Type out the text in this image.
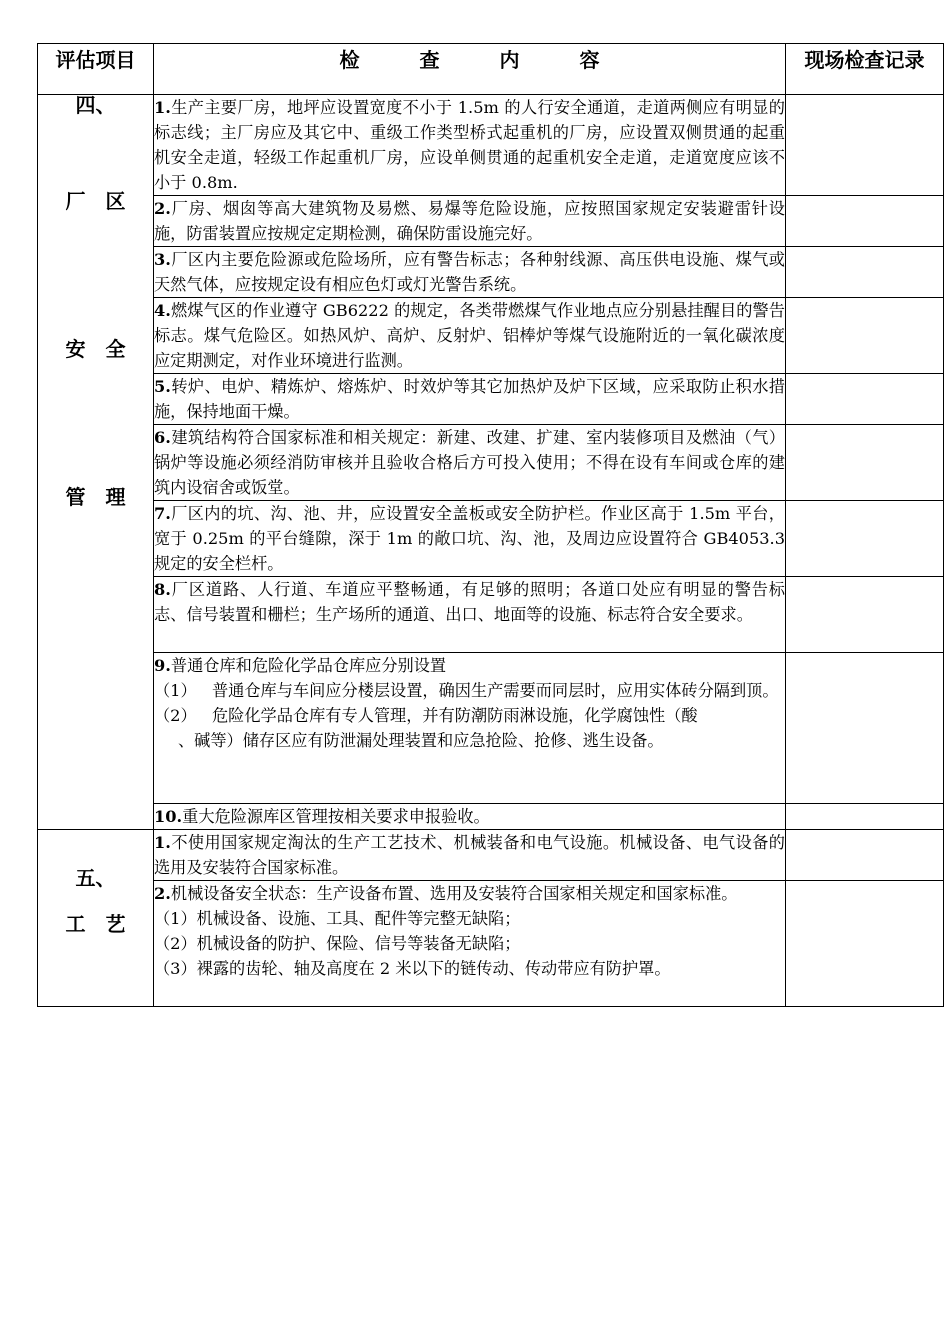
评估项目	检　　　查　　　内　　　容	现场检查记录

四、
厂　区
安　全
管　理	1.生产主要厂房，地坪应设置宽度不小于 1.5m 的人行安全通道，走道两侧应有明显的标志线；主厂房应及其它中、重级工作类型桥式起重机的厂房，应设置双侧贯通的起重机安全走道，轻级工作起重机厂房，应设单侧贯通的起重机安全走道，走道宽度应该不小于 0.8m.	
	2.厂房、烟囱等高大建筑物及易燃、易爆等危险设施，应按照国家规定安装避雷针设施，防雷装置应按规定定期检测，确保防雷设施完好。	
	3.厂区内主要危险源或危险场所，应有警告标志；各种射线源、高压供电设施、煤气或天然气体，应按规定设有相应色灯或灯光警告系统。	
	4.燃煤气区的作业遵守 GB6222 的规定，各类带燃煤气作业地点应分别悬挂醒目的警告标志。煤气危险区。如热风炉、高炉、反射炉、铝棒炉等煤气设施附近的一氧化碳浓度应定期测定，对作业环境进行监测。	
	5.转炉、电炉、精炼炉、熔炼炉、时效炉等其它加热炉及炉下区域，应采取防止积水措施，保持地面干燥。	
	6.建筑结构符合国家标准和相关规定：新建、改建、扩建、室内装修项目及燃油（气）锅炉等设施必须经消防审核并且验收合格后方可投入使用；不得在设有车间或仓库的建筑内设宿舍或饭堂。	
	7.厂区内的坑、沟、池、井，应设置安全盖板或安全防护栏。作业区高于 1.5m 平台，宽于 0.25m 的平台缝隙，深于 1m 的敞口坑、沟、池，及周边应设置符合 GB4053.3 规定的安全栏杆。	
	8.厂区道路、人行道、车道应平整畅通，有足够的照明；各道口处应有明显的警告标志、信号装置和栅栏；生产场所的通道、出口、地面等的设施、标志符合安全要求。	
	9.普通仓库和危险化学品仓库应分别设置
（1） 普通仓库与车间应分楼层设置，确因生产需要而同层时，应用实体砖分隔到顶。
（2） 危险化学品仓库有专人管理，并有防潮防雨淋设施，化学腐蚀性（酸
、碱等）储存区应有防泄漏处理装置和应急抢险、抢修、逃生设备。	

	10.重大危险源库区管理按相关要求申报验收。	

五、
工　艺	1.不使用国家规定淘汰的生产工艺技术、机械装备和电气设施。机械设备、电气设备的选用及安装符合国家标准。	
	2.机械设备安全状态：生产设备布置、选用及安装符合国家相关规定和国家标准。
（1）机械设备、设施、工具、配件等完整无缺陷；
（2）机械设备的防护、保险、信号等装备无缺陷；
（3）裸露的齿轮、轴及高度在 2 米以下的链传动、传动带应有防护罩。	
